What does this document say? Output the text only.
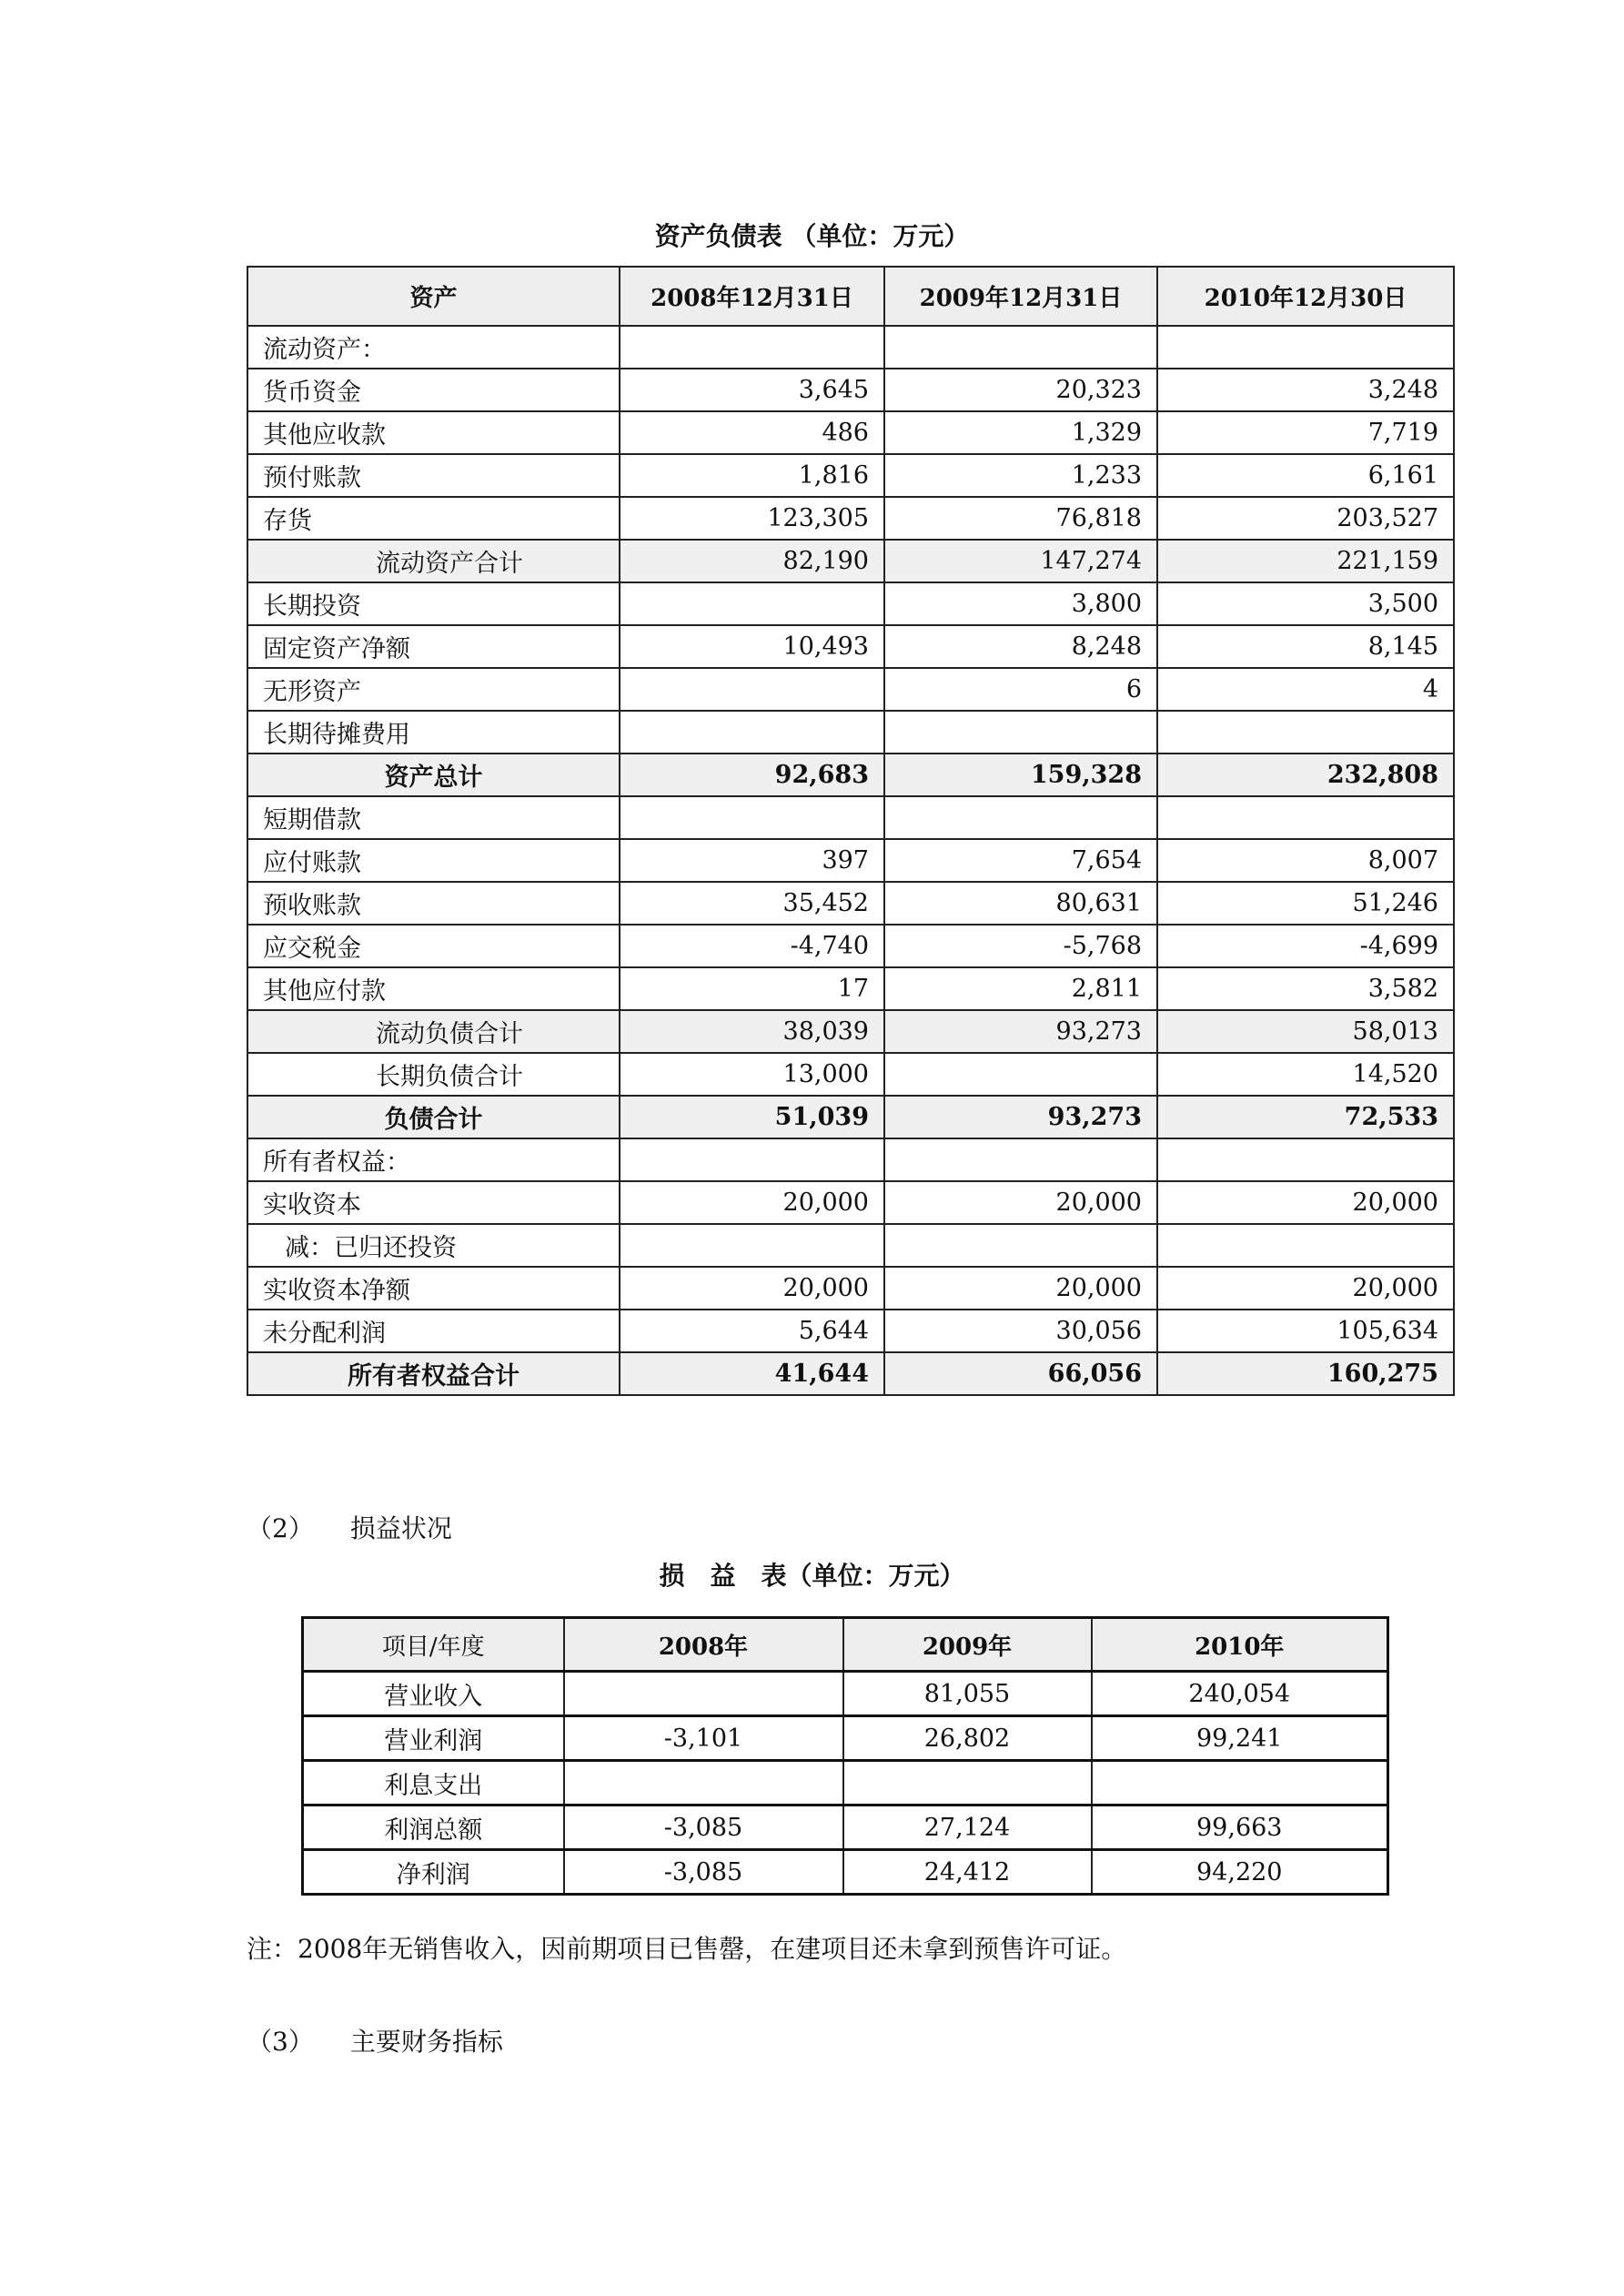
资产负债表 （单位：万元）
资产	2008年12月31日	2009年12月31日	2010年12月30日
流动资产：			
货币资金	3,645	20,323	3,248
其他应收款	486	1,329	7,719
预付账款	1,816	1,233	6,161
存货	123,305	76,818	203,527
流动资产合计	82,190	147,274	221,159
长期投资		3,800	3,500
固定资产净额	10,493	8,248	8,145
无形资产		6	4
长期待摊费用			
资产总计	92,683	159,328	232,808
短期借款			
应付账款	397	7,654	8,007
预收账款	35,452	80,631	51,246
应交税金	-4,740	-5,768	-4,699
其他应付款	17	2,811	3,582
流动负债合计	38,039	93,273	58,013
长期负债合计	13,000		14,520
负债合计	51,039	93,273	72,533
所有者权益：			
实收资本	20,000	20,000	20,000
减：已归还投资			
实收资本净额	20,000	20,000	20,000
未分配利润	5,644	30,056	105,634
所有者权益合计	41,644	66,056	160,275
（2） 损益状况
损　益　表（单位：万元）
项目/年度	2008年	2009年	2010年
营业收入		81,055	240,054
营业利润	-3,101	26,802	99,241
利息支出			
利润总额	-3,085	27,124	99,663
净利润	-3,085	24,412	94,220
注：2008年无销售收入，因前期项目已售罄，在建项目还未拿到预售许可证。
（3） 主要财务指标
